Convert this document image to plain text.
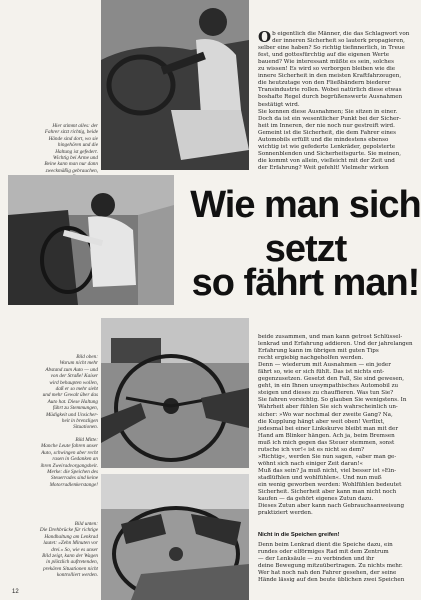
Hier stimmt alles: der
Fahrer sitzt richtig, beide
Hände sind dort, wo sie
hingehören und die
Haltung ist gefedert.
Wichtig bei Arme und
Beine kann man nur dann
zweckmäßig gebrauchen,

Ob eigentlich die Männer, die das Schlagwort von
der inneren Sicherheit so lauterk propagieren,
selber eine haben? So richtig tiefinnerlich, in Treue
fest, und gottesfürchtig auf die eigenen Werte
bauend? Wie interessant müßte es sein, solches
zu wissen! Es wird so verborgen bleiben wie die
innere Sicherheit in den meisten Kraftfahrzeugen,
die heutzutage von den Fließbändern biederer
Transindustrie rollen. Wobei natürlich diese etwas
boshafte Regel durch begrüßenswerte Ausnahmen
bestätigt wird.
Sie kennen diese Ausnahmen; Sie sitzen in einer.
Doch da ist ein wesentlicher Punkt bei der Sicher-
heit im Inneren, der nie noch nur gestreift wird.
Gemeint ist die Sicherheit, die dem Fahrer eines
Automobils erfüllt und die mindestens ebenso
wichtig ist wie gefederte Lenkräder, gepolsterte
Sonnenblenden und Sicherheitsgurte. Sie meinen,
die kommt von allein, vielleicht mit der Zeit und
der Erfahrung? Weit gefehlt! Vielmehr wirken

Wie man sich
setzt
so fährt man!
Bild oben:
Warum nicht mehr
Abstand zum Auto — und
von der Straße! Kaiser
wird behaupten wollen,
daß er so mehr sieht
und mehr Gewalt über das
Auto hat. Diese Haltung
führt zu Stemmungen,
Müdigkeit und Unsicher-
heit in brenzligen
Situationen.
Bild Mitte:
Manche Leute fahren unser
Auto, schwingen aber recht
rasen in Gedanken an
ihren Zweiradvorgangsheit.
Merke: die Speichen des
Steuerrades sind keine
Motorradlenkerstange!
Bild unten:
Die Drehbrücke für richtige
Handhaltung am Lenkrad
lautet: »Zehn Minuten vor
drei.« So, wie es unser
Bild zeigt, kann der Wagen
in plötzlich auftretenden,
prekären Situationen nicht
kontrolliert werden.
beide zusammen, und man kann getrost Schlüssel-
lenkrad und Erfahrung addieren. Und der jahrelangen
Erfahrung kann im übrigen mit guten Tips
recht ergiebig nachgeholfen werden.
Denn — wiederum mit Ausnahmen — ein jeder
fährt so, wie er sich fühlt. Das ist nichts ent-
gegenzusetzen. Gesetzt den Fall, Sie sind gewesen,
geht, in ein Ihnen unsympathisches Automobil zu
steigen und dieses zu chauffieren. Was tun Sie?
Sie fahren vorsichtig. So glauben Sie wenigstens. In
Wahrheit aber fühlen Sie sich wahrscheinlich un-
sicher: »Wo war nochmal der zweite Gang? Na,
die Kupplung hängt aber weit oben! Verflixt,
jedesmal bei einer Linkskurve bleibt man mit der
Hand am Blinker hängen. Ach ja, beim Bremsen
muß ich mich gegen das Steuer stemmen, sonst
rutsche ich vor!« ist es nicht so dem?
»Richtig«, werden Sie nun sagen, »aber man ge-
wöhnt sich nach einiger Zeit daran!«
Muß das sein? Ja muß nicht, viel besser ist »Ein-
stadlüfhlen und wohlfühlen«. Und nun muß
ein wenig geworben werden: Wohlfühlen bedeutet
Sicherheit. Sicherheit aber kann man nicht noch
kaufen — da gehört eigenes Zutun dazu.
Dieses Zutun aber kann nach Gebrauchsanweisung
praktiziert werden.
Nicht in die Speichen greifen!
Denn beim Lenkrad dient die Speiche dazu, ein
rundes oder elförmiges Rad mit dem Zentrum
— der Lenksäule — zu verbinden und ihr
deine Bewegung mitzuübertragen. Zu nichts mehr.
Wer hat noch nah den Fahrer gesehen, der seine
Hände lässig auf den beute üblichen zwei Speichen
12
